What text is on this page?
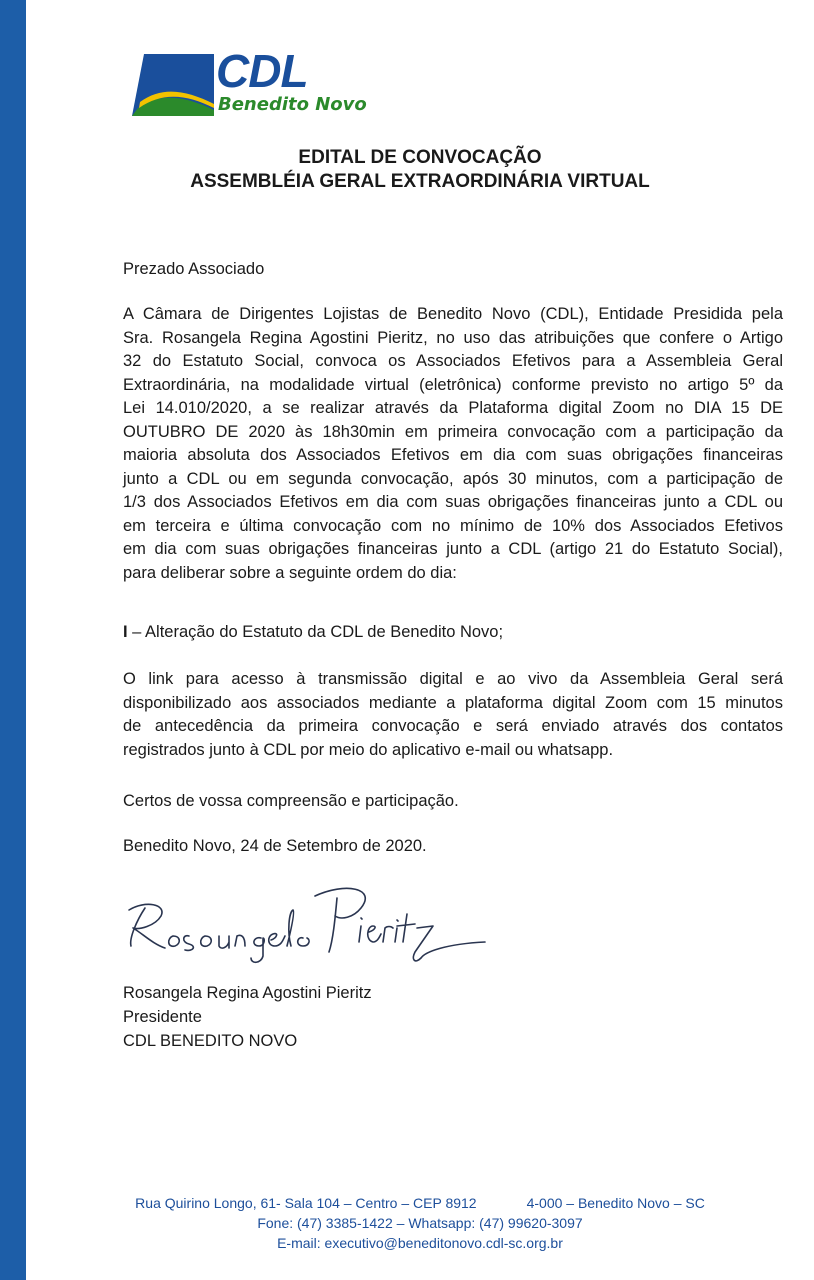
CDL
Benedito Novo
EDITAL DE CONVOCAÇÃO
ASSEMBLÉIA GERAL EXTRAORDINÁRIA VIRTUAL
Prezado Associado
A Câmara de Dirigentes Lojistas de Benedito Novo (CDL), Entidade Presidida pela
Sra. Rosangela Regina Agostini Pieritz, no uso das atribuições que confere o Artigo
32 do Estatuto Social, convoca os Associados Efetivos para a Assembleia Geral
Extraordinária, na modalidade virtual (eletrônica) conforme previsto no artigo 5º da
Lei 14.010/2020, a se realizar através da Plataforma digital Zoom no DIA 15 DE
OUTUBRO DE 2020 às 18h30min em primeira convocação com a participação da
maioria absoluta dos Associados Efetivos em dia com suas obrigações financeiras
junto a CDL ou em segunda convocação, após 30 minutos, com a participação de
1/3 dos Associados Efetivos em dia com suas obrigações financeiras junto a CDL ou
em terceira e última convocação com no mínimo de 10% dos Associados Efetivos
em dia com suas obrigações financeiras junto a CDL (artigo 21 do Estatuto Social),
para deliberar sobre a seguinte ordem do dia:
I – Alteração do Estatuto da CDL de Benedito Novo;
O link para acesso à transmissão digital e ao vivo da Assembleia Geral será
disponibilizado aos associados mediante a plataforma digital Zoom com 15 minutos
de antecedência da primeira convocação e será enviado através dos contatos
registrados junto à CDL por meio do aplicativo e-mail ou whatsapp.
Certos de vossa compreensão e participação.
Benedito Novo, 24 de Setembro de 2020.
Rosangela Regina Agostini Pieritz
Presidente
CDL BENEDITO NOVO
Rua Quirino Longo, 61- Sala 104 – Centro – CEP 8912	4-000 – Benedito Novo – SC
Fone: (47) 3385-1422 – Whatsapp: (47) 99620-3097
E-mail: executivo@beneditonovo.cdl-sc.org.br
